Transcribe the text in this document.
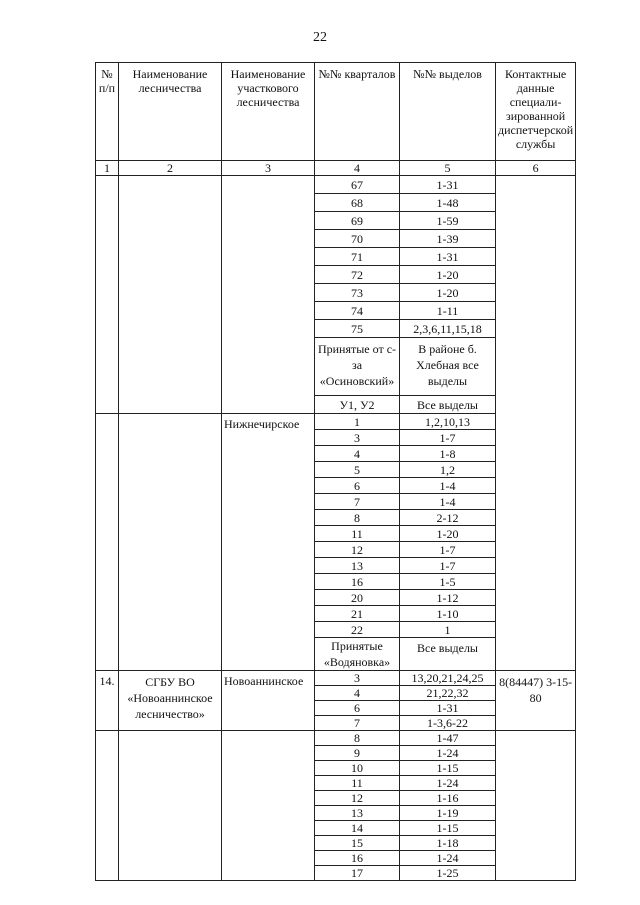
22
№ п/п	Наименование лесничества	Наименование участкового лесничества	№№ кварталов	№№ выделов	Контактные данные специали-зированной диспетчерской службы
1	2	3	4	5	6
			67	1-31	
			68	1-48	
			69	1-59	
			70	1-39	
			71	1-31	
			72	1-20	
			73	1-20	
			74	1-11	
			75	2,3,6,11,15,18	
			Принятые от с-за «Осиновский»	В районе б. Хлебная все выделы	
			У1, У2	Все выделы	
		Нижнечирское	1	1,2,10,13	
			3	1-7	
			4	1-8	
			5	1,2	
			6	1-4	
			7	1-4	
			8	2-12	
			11	1-20	
			12	1-7	
			13	1-7	
			16	1-5	
			20	1-12	
			21	1-10	
			22	1	
			Принятые «Водяновка»	Все выделы	
14.	СГБУ ВО «Новоаннинское лесничество»	Новоаннинское	3	13,20,21,24,25	8(84447) 3-15-80
			4	21,22,32	
			6	1-31	
			7	1-3,6-22	
			8	1-47	
			9	1-24	
			10	1-15	
			11	1-24	
			12	1-16	
			13	1-19	
			14	1-15	
			15	1-18	
			16	1-24	
			17	1-25	
